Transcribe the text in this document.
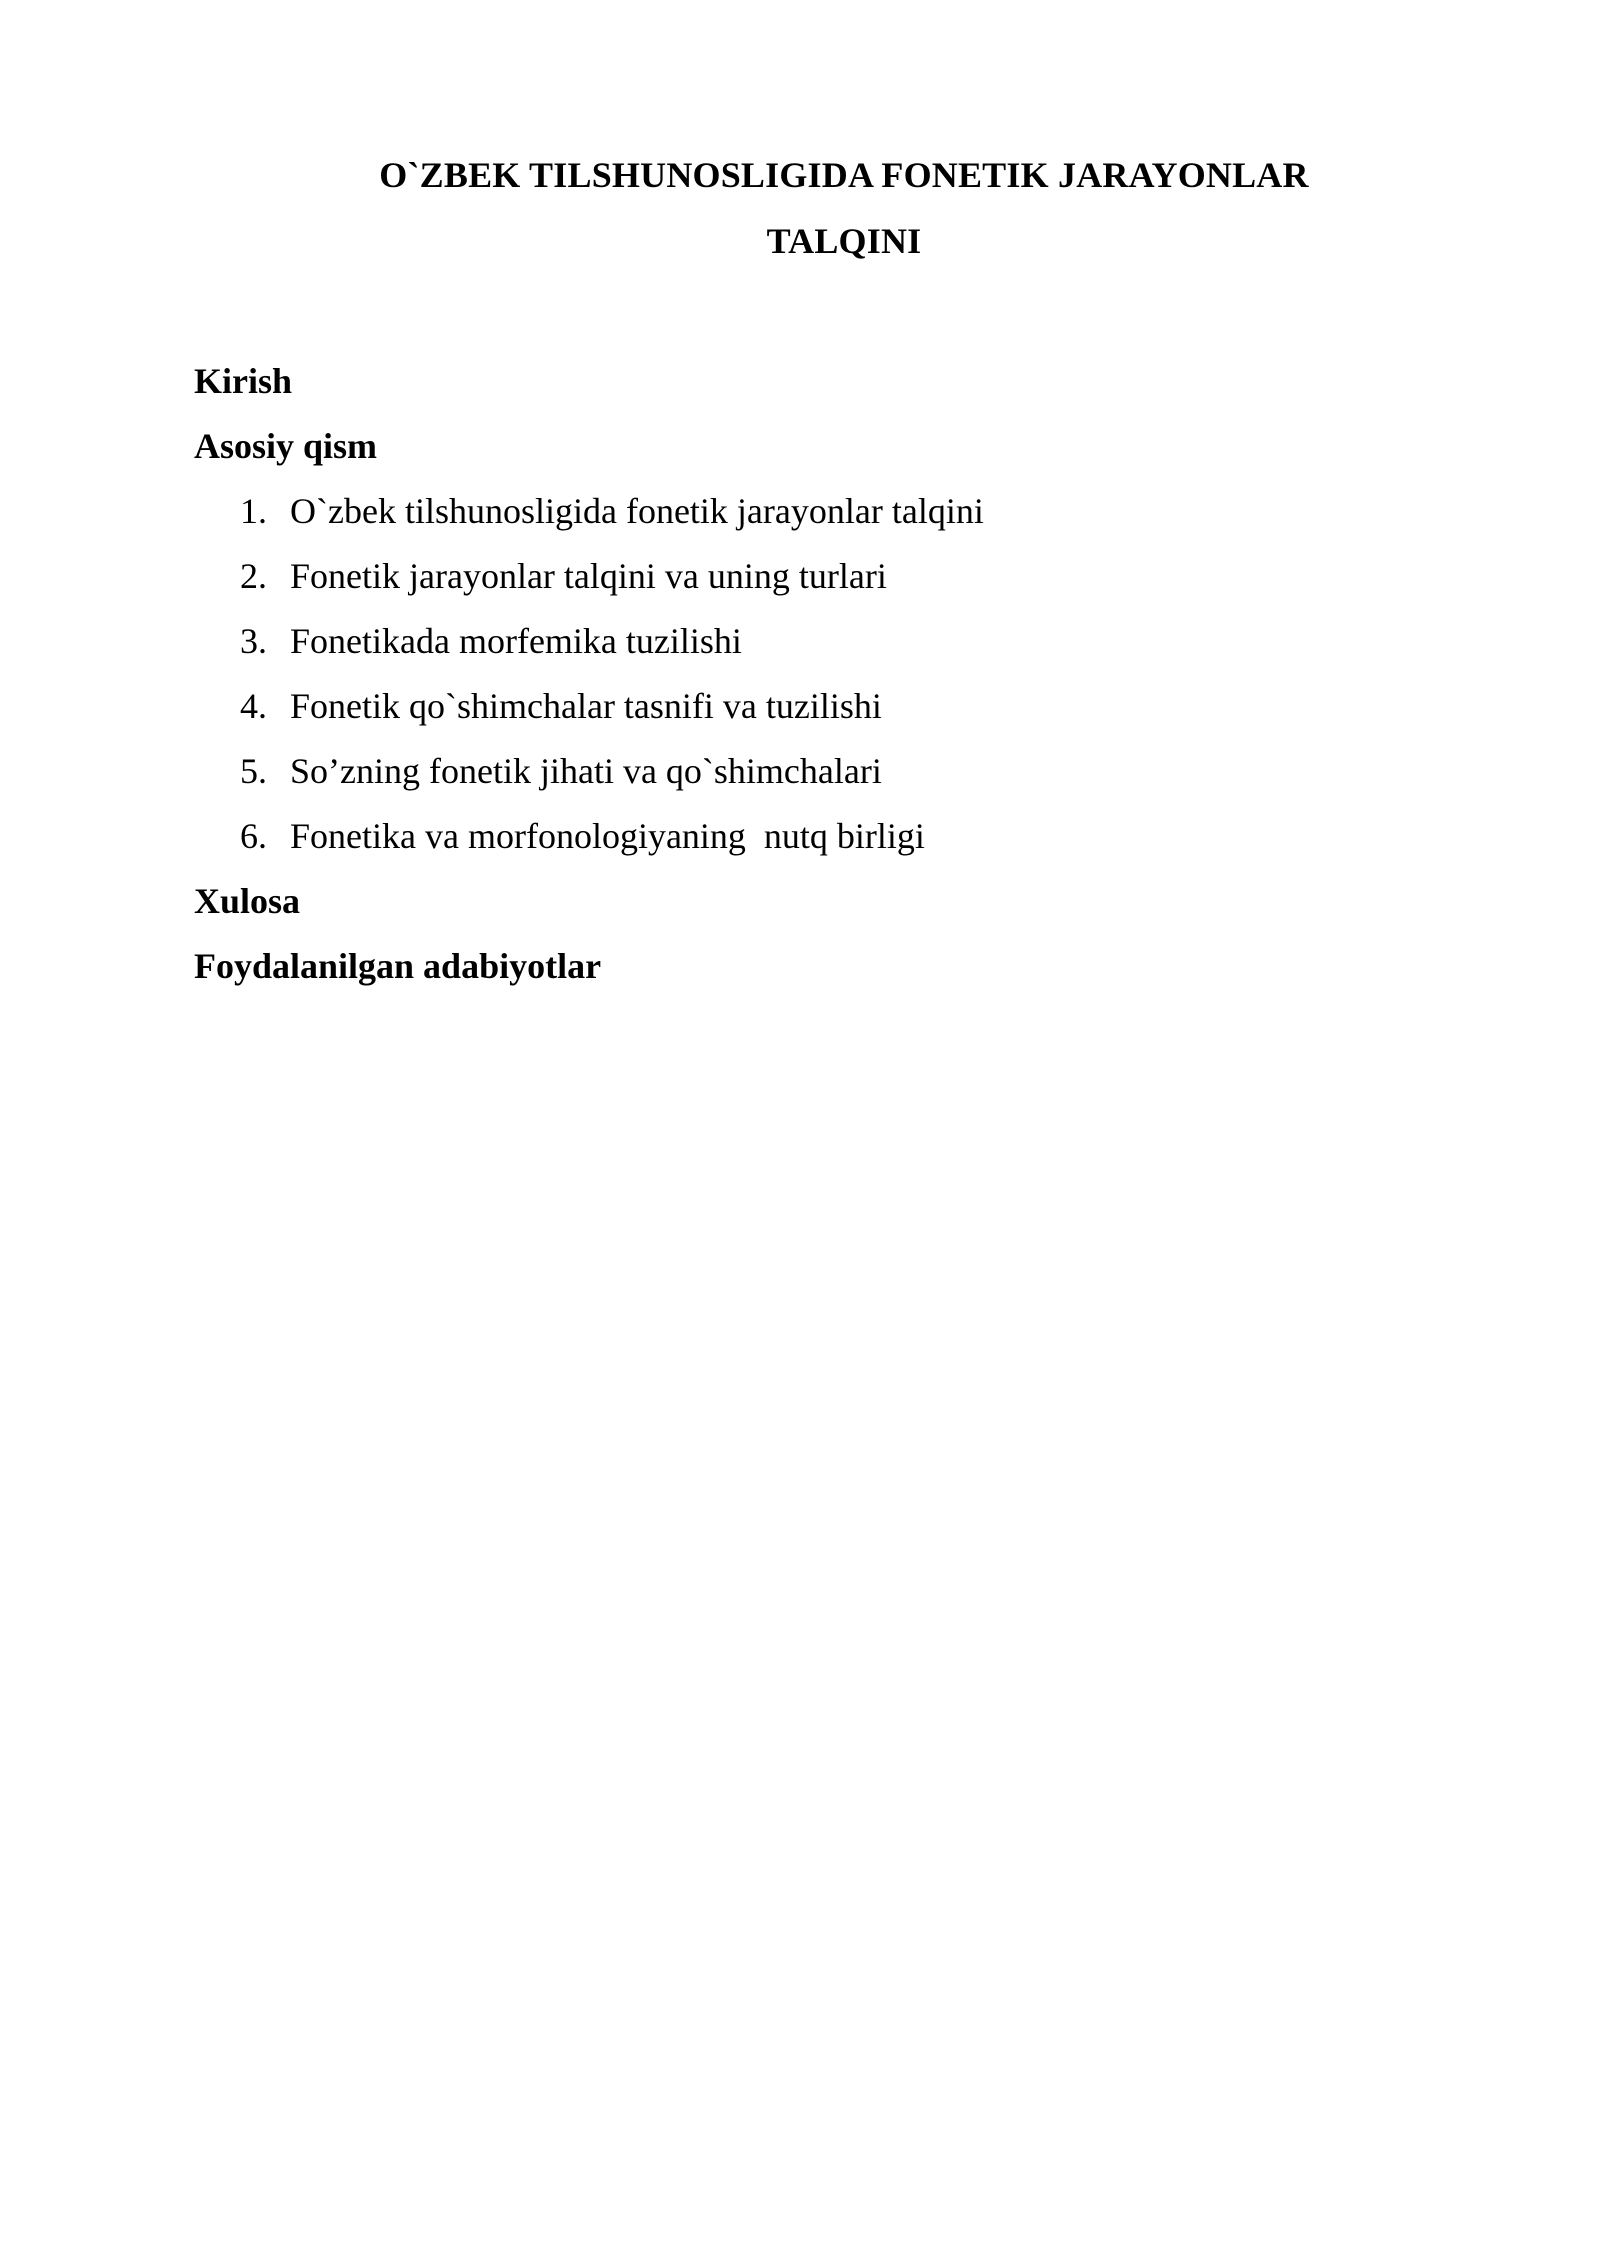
O`ZBEK TILSHUNOSLIGIDA FONETIK JARAYONLAR
TALQINI
Kirish
Asosiy qism

1.

O`zbek tilshunosligida fonetik jarayonlar talqini

2.

Fonetik jarayonlar talqini va uning turlari

3.

Fonetikada morfemika tuzilishi

4.

Fonetik qo`shimchalar tasnifi va tuzilishi

5.

So’zning fonetik jihati va qo`shimchalari

6.

Fonetika va morfonologiyaning  nutq birligi

Xulosa
Foydalanilgan adabiyotlar
